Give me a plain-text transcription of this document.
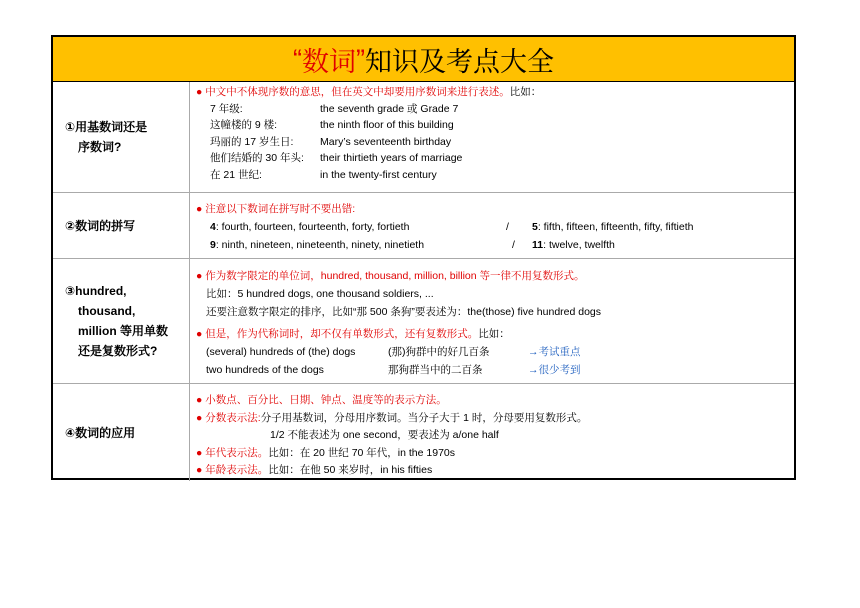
“ 数词 ” 知识及考点大全
①用基数词还是
序数词?
● 中文中不体现序数的意思，但在英文中却要用序数词来进行表述。比如：
7 年级:	the seventh grade 或 Grade 7
这幢楼的 9 楼:	the ninth floor of this building
玛丽的 17 岁生日:	Mary’s seventeenth birthday
他们结婚的 30 年头: their thirtieth years of marriage
在 21 世纪:	in the twenty-first century
②数词的拼写
● 注意以下数词在拼写时不要出错:
4: fourth, fourteen, fourteenth, forty, fortieth	/ 5: fifth, fifteen, fifteenth, fifty, fiftieth
9: ninth, nineteen, nineteenth, ninety, ninetieth	/ 11: twelve, twelfth
③hundred,
thousand,
million 等用单数
还是复数形式?
● 作为数字限定的单位词，hundred, thousand, million, billion 等一律不用复数形式。
比如：5 hundred dogs, one thousand soldiers, ...
还要注意数字限定的排序，比如“那 500 条狗”要表述为：the(those) five hundred dogs
● 但是，作为代称词时，却不仅有单数形式，还有复数形式。比如：
(several) hundreds of (the) dogs	(那)狗群中的好几百条	→考试重点
two hundreds of the dogs	那狗群当中的二百条	→很少考到
④数词的应用
● 小数点、百分比、日期、钟点、温度等的表示方法。
● 分数表示法:分子用基数词，分母用序数词。当分子大于 1 时，分母要用复数形式。
1/2 不能表述为 one second，要表述为 a/one half
● 年代表示法。比如：在 20 世纪 70 年代，in the 1970s
● 年龄表示法。比如：在他 50 来岁时，in his fifties
